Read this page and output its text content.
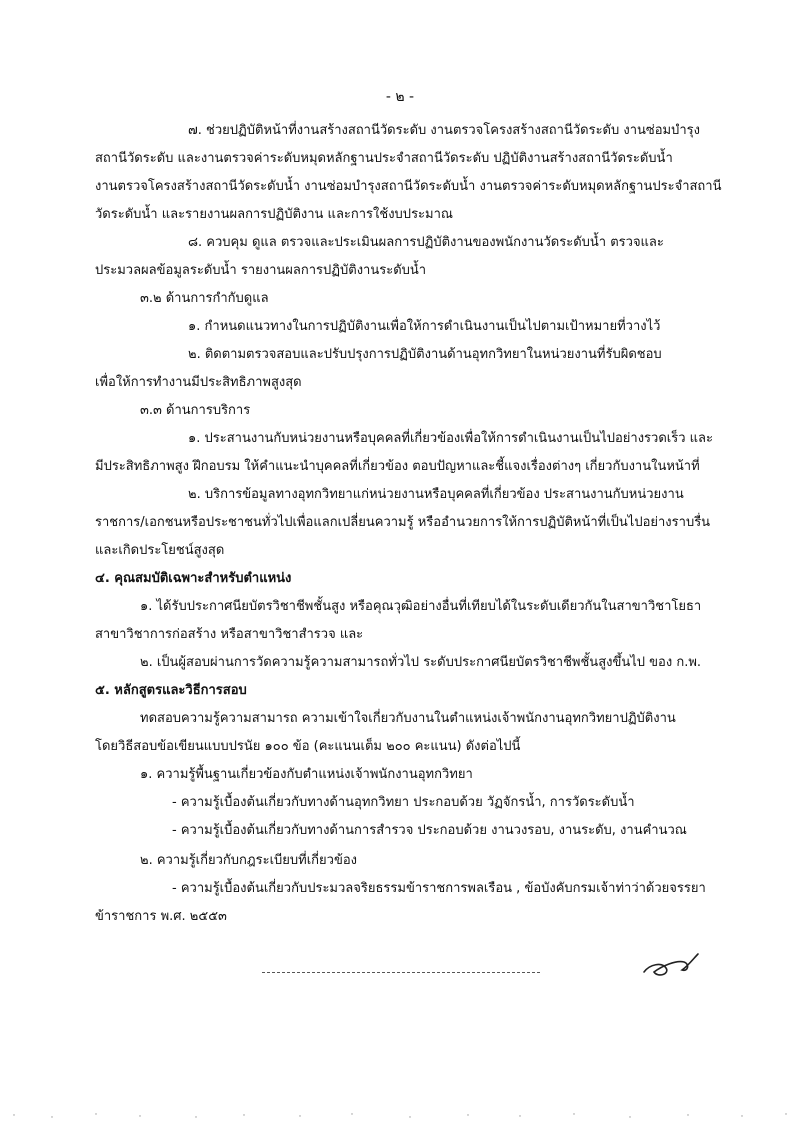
- ๒ -
๗. ช่วยปฏิบัติหน้าที่งานสร้างสถานีวัดระดับ งานตรวจโครงสร้างสถานีวัดระดับ งานซ่อมบำรุง
สถานีวัดระดับ และงานตรวจค่าระดับหมุดหลักฐานประจำสถานีวัดระดับ ปฏิบัติงานสร้างสถานีวัดระดับน้ำ
งานตรวจโครงสร้างสถานีวัดระดับน้ำ งานซ่อมบำรุงสถานีวัดระดับน้ำ งานตรวจค่าระดับหมุดหลักฐานประจำสถานี
วัดระดับน้ำ และรายงานผลการปฏิบัติงาน และการใช้งบประมาณ
๘. ควบคุม ดูแล ตรวจและประเมินผลการปฏิบัติงานของพนักงานวัดระดับน้ำ ตรวจและ
ประมวลผลข้อมูลระดับน้ำ รายงานผลการปฏิบัติงานระดับน้ำ
๓.๒ ด้านการกำกับดูแล
๑. กำหนดแนวทางในการปฏิบัติงานเพื่อให้การดำเนินงานเป็นไปตามเป้าหมายที่วางไว้
๒. ติดตามตรวจสอบและปรับปรุงการปฏิบัติงานด้านอุทกวิทยาในหน่วยงานที่รับผิดชอบ
เพื่อให้การทำงานมีประสิทธิภาพสูงสุด
๓.๓ ด้านการบริการ
๑. ประสานงานกับหน่วยงานหรือบุคคลที่เกี่ยวข้องเพื่อให้การดำเนินงานเป็นไปอย่างรวดเร็ว และ
มีประสิทธิภาพสูง ฝึกอบรม ให้คำแนะนำบุคคลที่เกี่ยวข้อง ตอบปัญหาและชี้แจงเรื่องต่างๆ เกี่ยวกับงานในหน้าที่
๒. บริการข้อมูลทางอุทกวิทยาแก่หน่วยงานหรือบุคคลที่เกี่ยวข้อง ประสานงานกับหน่วยงาน
ราชการ/เอกชนหรือประชาชนทั่วไปเพื่อแลกเปลี่ยนความรู้ หรืออำนวยการให้การปฏิบัติหน้าที่เป็นไปอย่างราบรื่น
และเกิดประโยชน์สูงสุด
๔. คุณสมบัติเฉพาะสำหรับตำแหน่ง
๑. ได้รับประกาศนียบัตรวิชาชีพชั้นสูง หรือคุณวุฒิอย่างอื่นที่เทียบได้ในระดับเดียวกันในสาขาวิชาโยธา
สาขาวิชาการก่อสร้าง หรือสาขาวิชาสำรวจ และ
๒. เป็นผู้สอบผ่านการวัดความรู้ความสามารถทั่วไป ระดับประกาศนียบัตรวิชาชีพชั้นสูงขึ้นไป ของ ก.พ.
๕. หลักสูตรและวิธีการสอบ
ทดสอบความรู้ความสามารถ ความเข้าใจเกี่ยวกับงานในตำแหน่งเจ้าพนักงานอุทกวิทยาปฏิบัติงาน
โดยวิธีสอบข้อเขียนแบบปรนัย ๑๐๐ ข้อ (คะแนนเต็ม ๒๐๐ คะแนน) ดังต่อไปนี้
๑. ความรู้พื้นฐานเกี่ยวข้องกับตำแหน่งเจ้าพนักงานอุทกวิทยา
- ความรู้เบื้องต้นเกี่ยวกับทางด้านอุทกวิทยา ประกอบด้วย วัฏจักรน้ำ, การวัดระดับน้ำ
- ความรู้เบื้องต้นเกี่ยวกับทางด้านการสำรวจ ประกอบด้วย งานวงรอบ, งานระดับ, งานคำนวณ
๒. ความรู้เกี่ยวกับกฎระเบียบที่เกี่ยวข้อง
- ความรู้เบื้องต้นเกี่ยวกับประมวลจริยธรรมข้าราชการพลเรือน , ข้อบังคับกรมเจ้าท่าว่าด้วยจรรยา
ข้าราชการ พ.ศ. ๒๕๕๓
